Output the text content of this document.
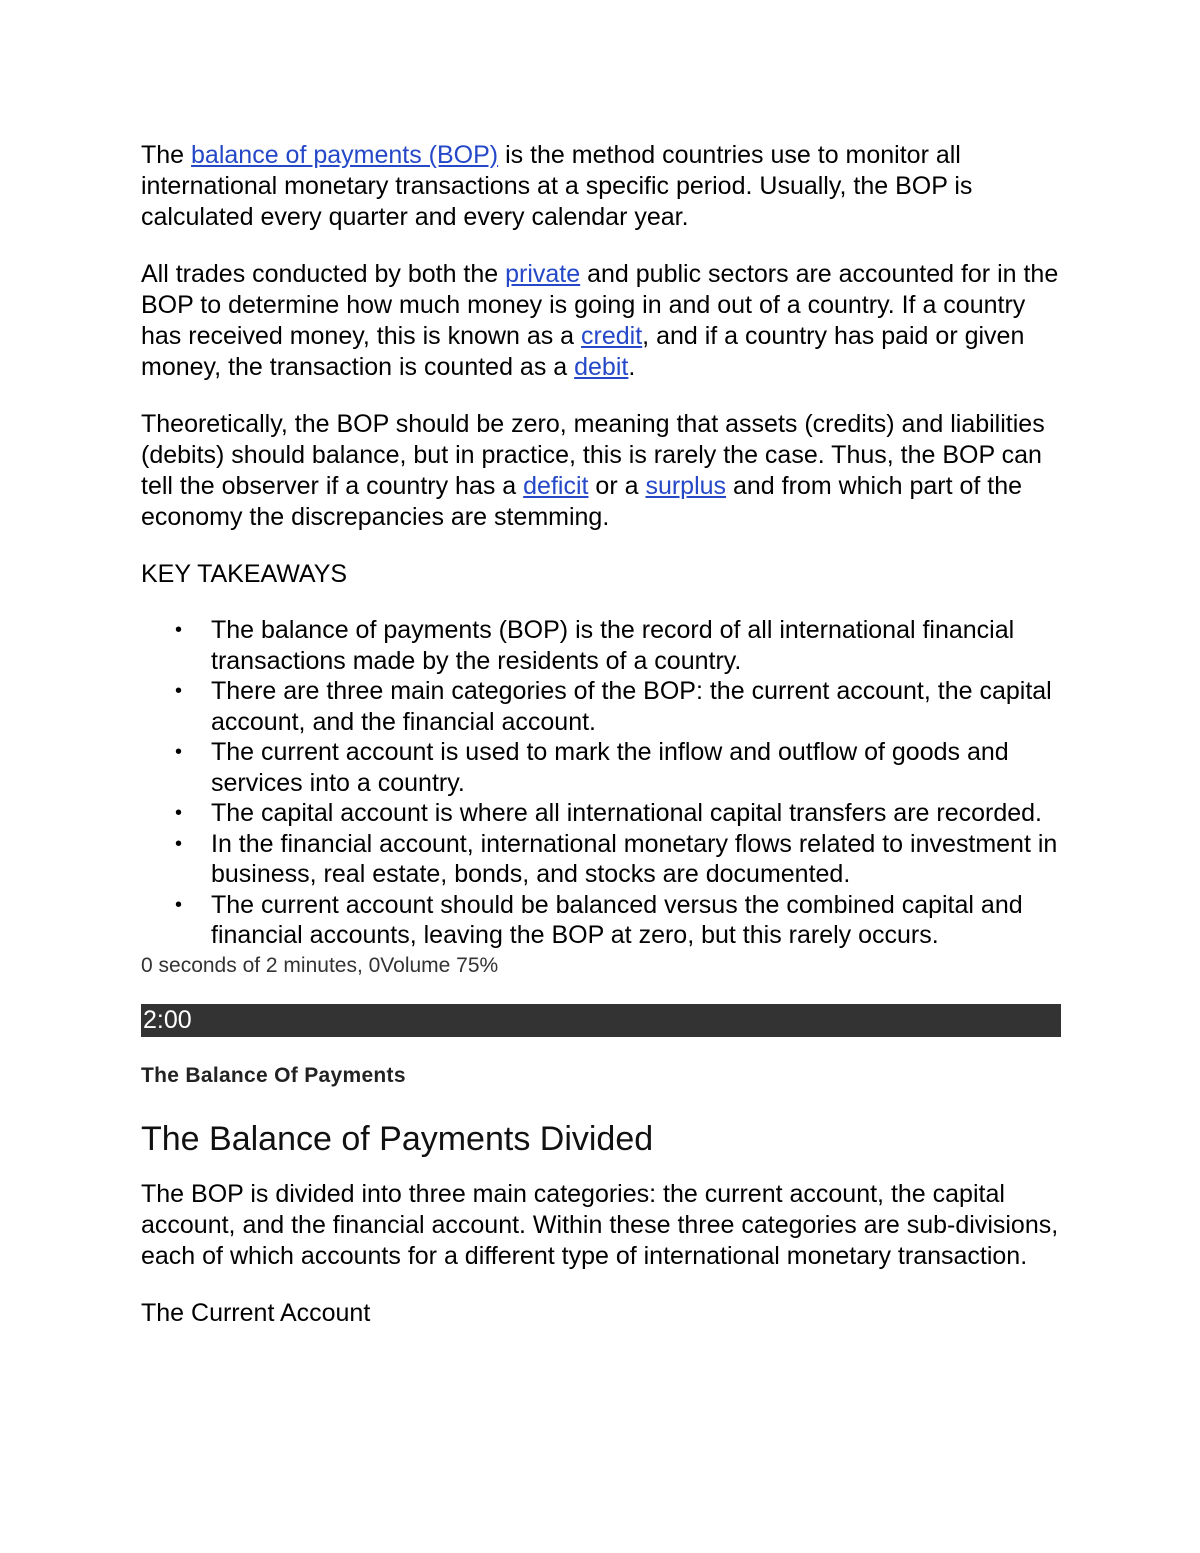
The balance of payments (BOP) is the method countries use to monitor all international monetary transactions at a specific period. Usually, the BOP is calculated every quarter and every calendar year.

All trades conducted by both the private and public sectors are accounted for in the BOP to determine how much money is going in and out of a country. If a country has received money, this is known as a credit, and if a country has paid or given money, the transaction is counted as a debit.

Theoretically, the BOP should be zero, meaning that assets (credits) and liabilities (debits) should balance, but in practice, this is rarely the case. Thus, the BOP can tell the observer if a country has a deficit or a surplus and from which part of the economy the discrepancies are stemming.

KEY TAKEAWAYS
• The balance of payments (BOP) is the record of all international financial transactions made by the residents of a country.
• There are three main categories of the BOP: the current account, the capital account, and the financial account.
• The current account is used to mark the inflow and outflow of goods and services into a country.
• The capital account is where all international capital transfers are recorded.
• In the financial account, international monetary flows related to investment in business, real estate, bonds, and stocks are documented.
• The current account should be balanced versus the combined capital and financial accounts, leaving the BOP at zero, but this rarely occurs.
0 seconds of 2 minutes, 0Volume 75%
2:00
The Balance Of Payments
The Balance of Payments Divided

The BOP is divided into three main categories: the current account, the capital account, and the financial account. Within these three categories are sub-divisions, each of which accounts for a different type of international monetary transaction.

The Current Account
